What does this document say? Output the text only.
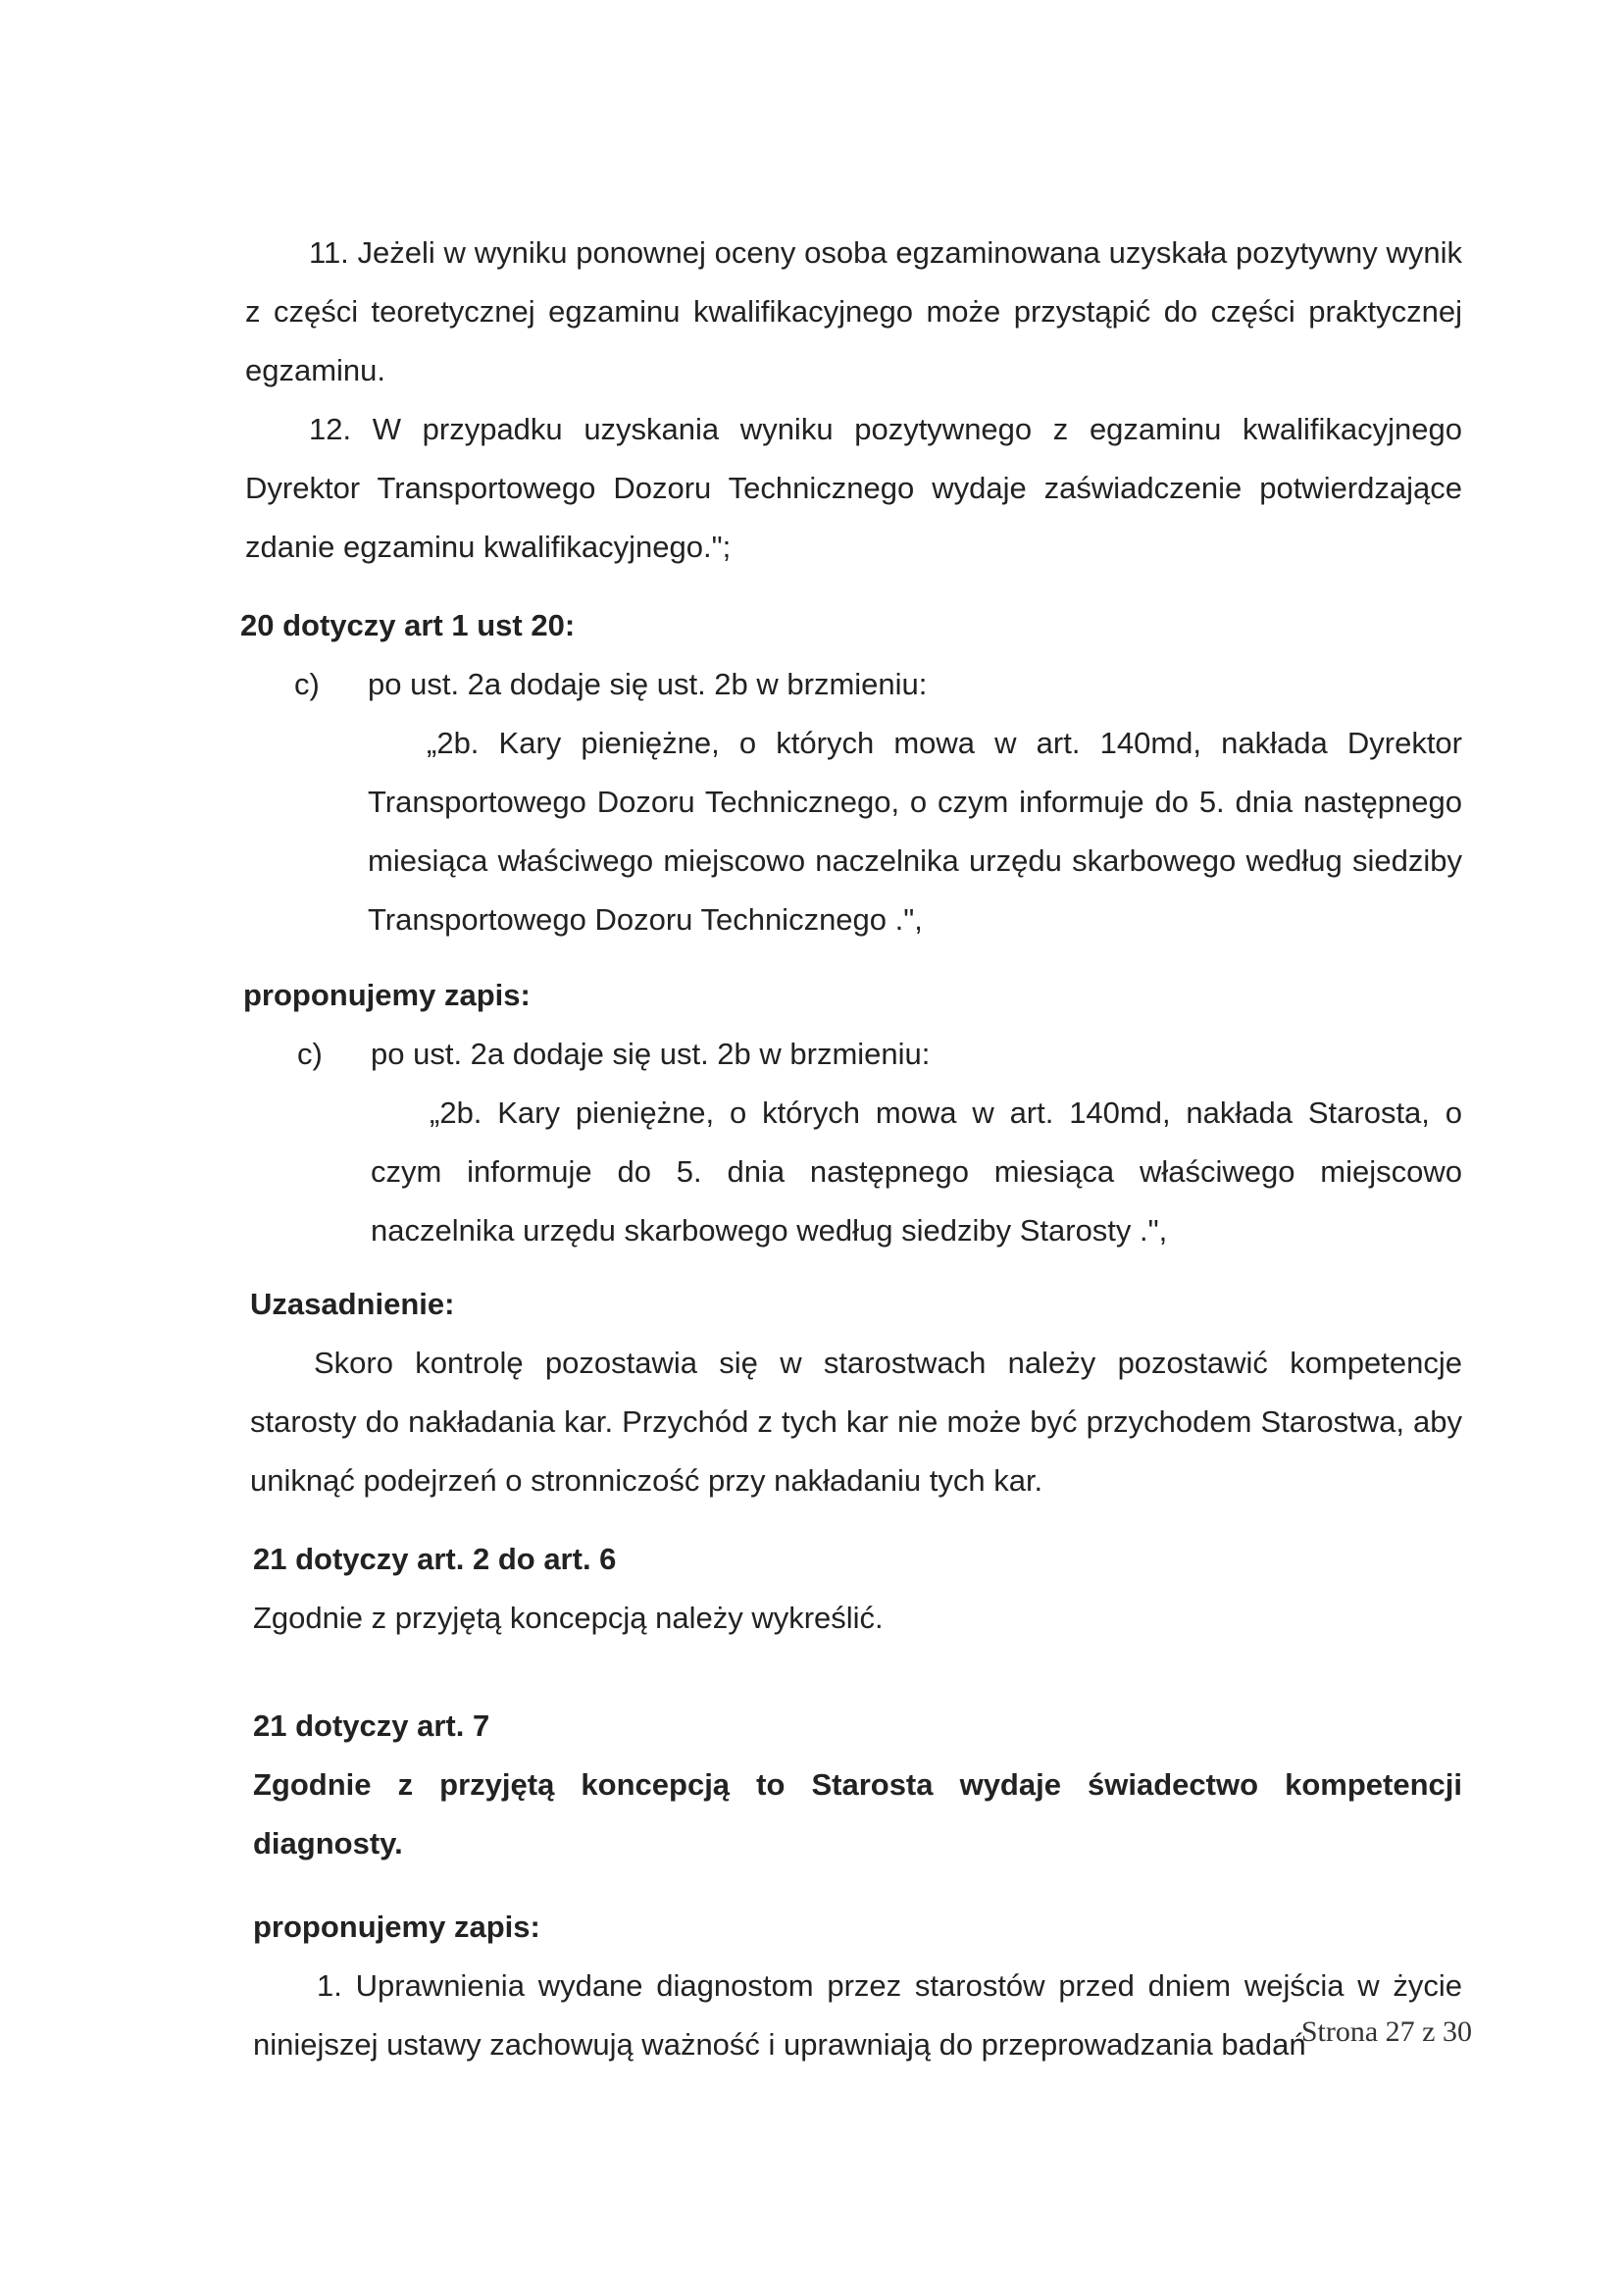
11. Jeżeli w wyniku ponownej oceny osoba egzaminowana uzyskała pozytywny wynik z części teoretycznej egzaminu kwalifikacyjnego może przystąpić do części praktycznej egzaminu.

12. W przypadku uzyskania wyniku pozytywnego z egzaminu kwalifikacyjnego Dyrektor Transportowego Dozoru Technicznego wydaje zaświadczenie potwierdzające zdanie egzaminu kwalifikacyjnego.";

20 dotyczy art 1 ust 20:

c)	po ust. 2a dodaje się ust. 2b w brzmieniu:

„2b. Kary pieniężne, o których mowa w art. 140md, nakłada Dyrektor Transportowego Dozoru Technicznego, o czym informuje do 5. dnia następnego miesiąca właściwego miejscowo naczelnika urzędu skarbowego według siedziby Transportowego Dozoru Technicznego .",

proponujemy zapis:

c)	po ust. 2a dodaje się ust. 2b w brzmieniu:

„2b. Kary pieniężne, o których mowa w art. 140md, nakłada Starosta, o czym informuje do 5. dnia następnego miesiąca właściwego miejscowo naczelnika urzędu skarbowego według siedziby Starosty .",

Uzasadnienie:

Skoro kontrolę pozostawia się w starostwach należy pozostawić kompetencje starosty do nakładania kar. Przychód z tych kar nie może być przychodem Starostwa, aby uniknąć podejrzeń o stronniczość przy nakładaniu tych kar.

21 dotyczy art. 2 do art. 6

Zgodnie z przyjętą koncepcją należy wykreślić.

21 dotyczy art. 7

Zgodnie z przyjętą koncepcją to Starosta wydaje świadectwo kompetencji diagnosty.

proponujemy zapis:

1. Uprawnienia wydane diagnostom przez starostów przed dniem wejścia w życie niniejszej ustawy zachowują ważność i uprawniają do przeprowadzania badań

Strona 27 z 30
